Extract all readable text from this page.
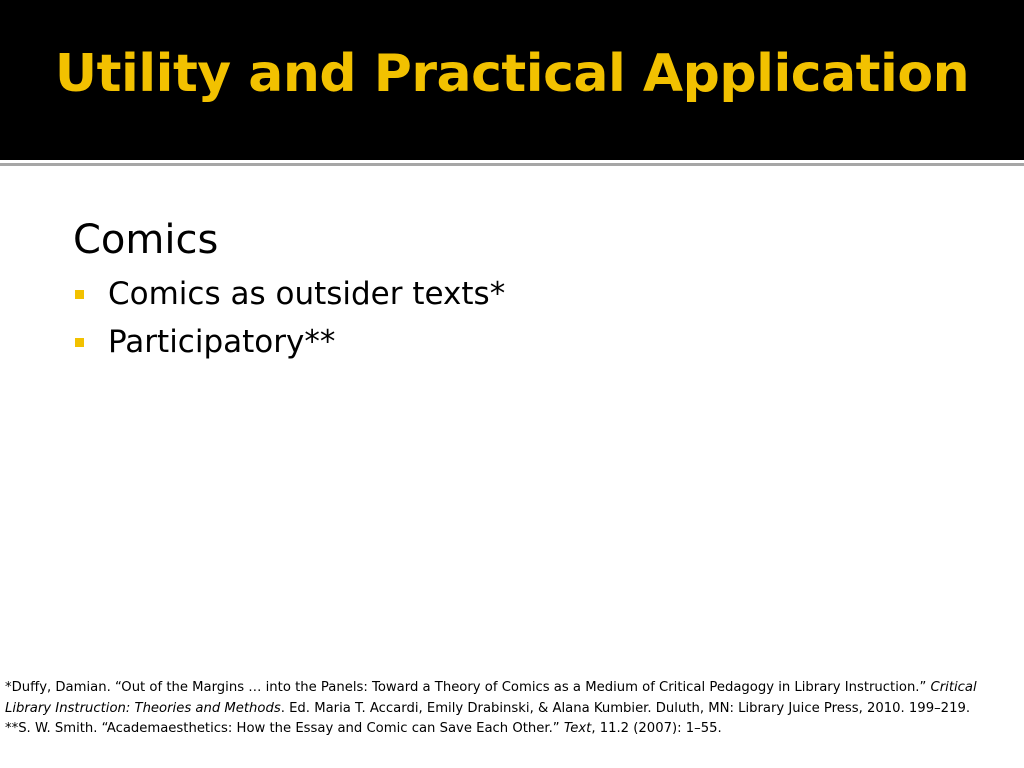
Utility and Practical Application

Comics

Comics as outsider texts*
Participatory**

*Duffy, Damian. “Out of the Margins … into the Panels: Toward a Theory of Comics as a Medium of Critical Pedagogy in Library Instruction.” Critical Library Instruction: Theories and Methods. Ed. Maria T. Accardi, Emily Drabinski, & Alana Kumbier. Duluth, MN: Library Juice Press, 2010. 199–219.

**S. W. Smith. “Academaesthetics: How the Essay and Comic can Save Each Other.” Text, 11.2 (2007): 1–55.
